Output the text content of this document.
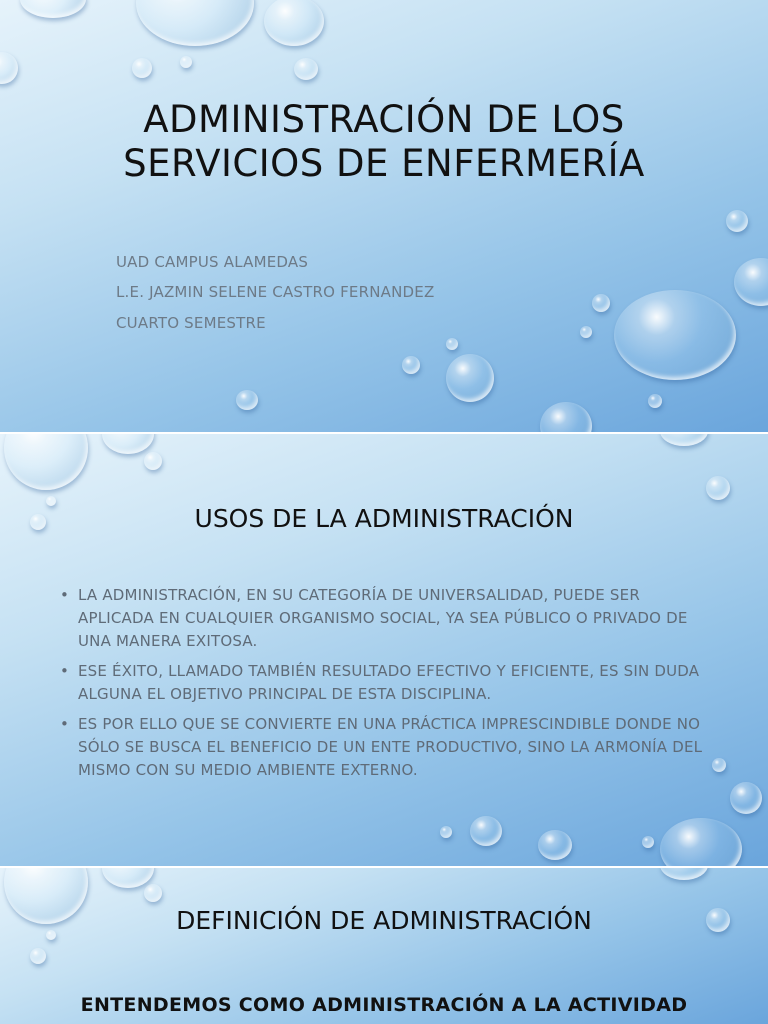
ADMINISTRACIÓN DE LOS
SERVICIOS DE ENFERMERÍA
UAD CAMPUS ALAMEDAS
L.E. JAZMIN SELENE CASTRO FERNANDEZ
CUARTO SEMESTRE
USOS DE LA ADMINISTRACIÓN
• LA ADMINISTRACIÓN, EN SU CATEGORÍA DE UNIVERSALIDAD, PUEDE SER APLICADA EN CUALQUIER ORGANISMO SOCIAL, YA SEA PÚBLICO O PRIVADO DE UNA MANERA EXITOSA.
• ESE ÉXITO, LLAMADO TAMBIÉN RESULTADO EFECTIVO Y EFICIENTE, ES SIN DUDA ALGUNA EL OBJETIVO PRINCIPAL DE ESTA DISCIPLINA.
• ES POR ELLO QUE SE CONVIERTE EN UNA PRÁCTICA IMPRESCINDIBLE DONDE NO SÓLO SE BUSCA EL BENEFICIO DE UN ENTE PRODUCTIVO, SINO LA ARMONÍA DEL MISMO CON SU MEDIO AMBIENTE EXTERNO.
DEFINICIÓN DE ADMINISTRACIÓN
ENTENDEMOS COMO ADMINISTRACIÓN A LA ACTIVIDAD
